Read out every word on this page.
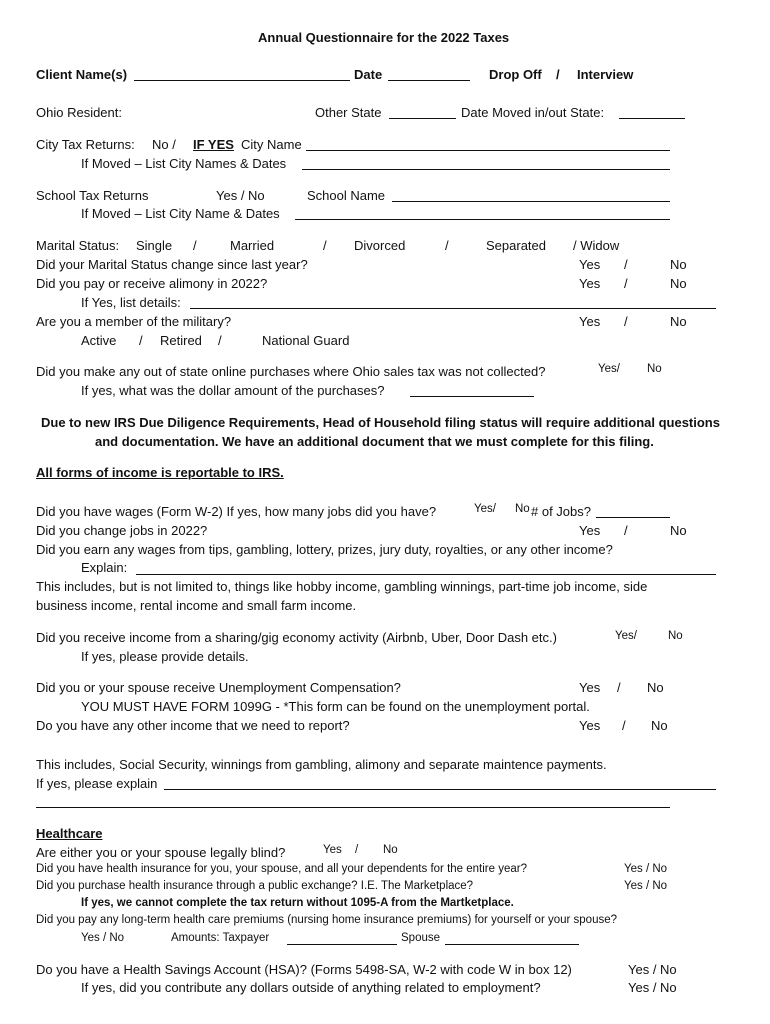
Annual Questionnaire for the 2022 Taxes
Client Name(s)	Date	Drop Off / Interview
Ohio Resident:	Other State	Date Moved in/out State:
City Tax Returns: No / IF YES City Name
If Moved – List City Names & Dates
School Tax Returns	Yes / No	School Name
If Moved – List City Name & Dates
Marital Status: Single /	Married	/ Divorced	/	Separated / Widow
Did your Marital Status change since last year?	Yes /	No
Did you pay or receive alimony in 2022?	Yes /	No
If Yes, list details:
Are you a member of the military?	Yes /	No
Active / Retired /	National Guard
Did you make any out of state online purchases where Ohio sales tax was not collected?	Yes/ No
If yes, what was the dollar amount of the purchases?
Due to new IRS Due Diligence Requirements, Head of Household filing status will require additional questions
and documentation. We have an additional document that we must complete for this filing.
All forms of income is reportable to IRS.
Did you have wages (Form W-2) If yes, how many jobs did you have?	Yes/ No # of Jobs?
Did you change jobs in 2022?	Yes /	No
Did you earn any wages from tips, gambling, lottery, prizes, jury duty, royalties, or any other income?
Explain:
This includes, but is not limited to, things like hobby income, gambling winnings, part-time job income, side
business income, rental income and small farm income.
Did you receive income from a sharing/gig economy activity (Airbnb, Uber, Door Dash etc.)	Yes/	No
If yes, please provide details.
Did you or your spouse receive Unemployment Compensation?	Yes / No
YOU MUST HAVE FORM 1099G - *This form can be found on the unemployment portal.
Do you have any other income that we need to report?	Yes / No
This includes, Social Security, winnings from gambling, alimony and separate maintence payments.
If yes, please explain
Healthcare
Are either you or your spouse legally blind?	Yes / No
Did you have health insurance for you, your spouse, and all your dependents for the entire year?	Yes / No
Did you purchase health insurance through a public exchange? I.E. The Marketplace?	Yes / No
If yes, we cannot complete the tax return without 1095-A from the Martketplace.
Did you pay any long-term health care premiums (nursing home insurance premiums) for yourself or your spouse?
Yes / No	Amounts: Taxpayer	Spouse
Do you have a Health Savings Account (HSA)? (Forms 5498-SA, W-2 with code W in box 12)	Yes / No
If yes, did you contribute any dollars outside of anything related to employment?	Yes / No
